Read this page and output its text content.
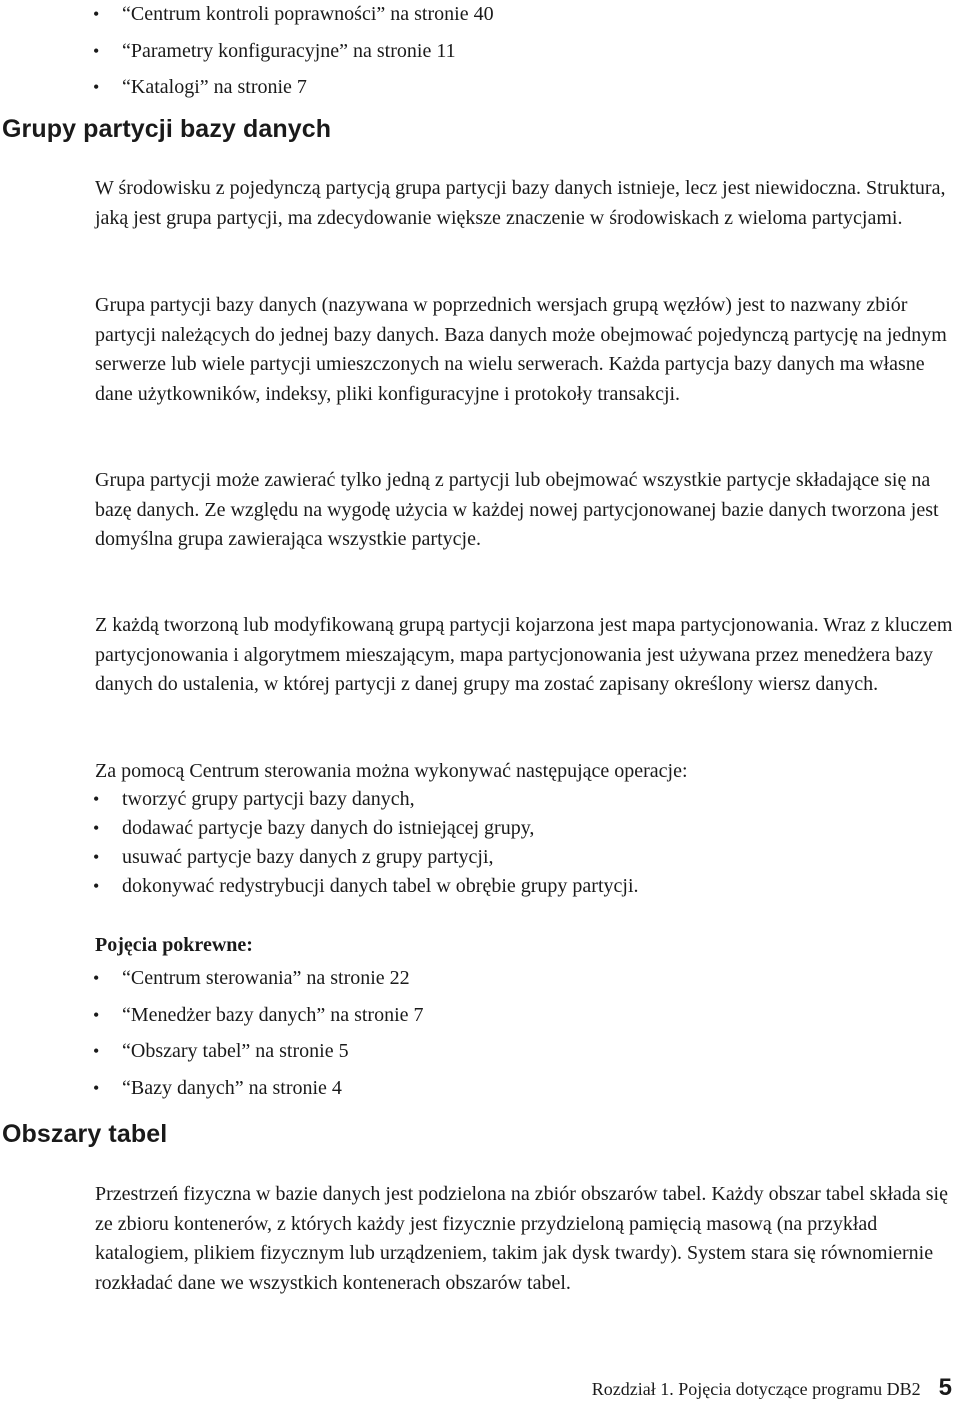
• “Centrum kontroli poprawności” na stronie 40
• “Parametry konfiguracyjne” na stronie 11
• “Katalogi” na stronie 7
Grupy partycji bazy danych

W środowisku z pojedynczą partycją grupa partycji bazy danych istnieje, lecz jest niewidoczna. Struktura, jaką jest grupa partycji, ma zdecydowanie większe znaczenie w środowiskach z wieloma partycjami.

Grupa partycji bazy danych (nazywana w poprzednich wersjach grupą węzłów) jest to nazwany zbiór partycji należących do jednej bazy danych. Baza danych może obejmować pojedynczą partycję na jednym serwerze lub wiele partycji umieszczonych na wielu serwerach. Każda partycja bazy danych ma własne dane użytkowników, indeksy, pliki konfiguracyjne i protokoły transakcji.

Grupa partycji może zawierać tylko jedną z partycji lub obejmować wszystkie partycje składające się na bazę danych. Ze względu na wygodę użycia w każdej nowej partycjonowanej bazie danych tworzona jest domyślna grupa zawierająca wszystkie partycje.

Z każdą tworzoną lub modyfikowaną grupą partycji kojarzona jest mapa partycjonowania. Wraz z kluczem partycjonowania i algorytmem mieszającym, mapa partycjonowania jest używana przez menedżera bazy danych do ustalenia, w której partycji z danej grupy ma zostać zapisany określony wiersz danych.

Za pomocą Centrum sterowania można wykonywać następujące operacje:

• tworzyć grupy partycji bazy danych,
• dodawać partycje bazy danych do istniejącej grupy,
• usuwać partycje bazy danych z grupy partycji,
• dokonywać redystrybucji danych tabel w obrębie grupy partycji.

Pojęcia pokrewne:

• “Centrum sterowania” na stronie 22
• “Menedżer bazy danych” na stronie 7
• “Obszary tabel” na stronie 5
• “Bazy danych” na stronie 4
Obszary tabel

Przestrzeń fizyczna w bazie danych jest podzielona na zbiór obszarów tabel. Każdy obszar tabel składa się ze zbioru kontenerów, z których każdy jest fizycznie przydzieloną pamięcią masową (na przykład katalogiem, plikiem fizycznym lub urządzeniem, takim jak dysk twardy). System stara się równomiernie rozkładać dane we wszystkich kontenerach obszarów tabel.

Rozdział 1. Pojęcia dotyczące programu DB2 5
